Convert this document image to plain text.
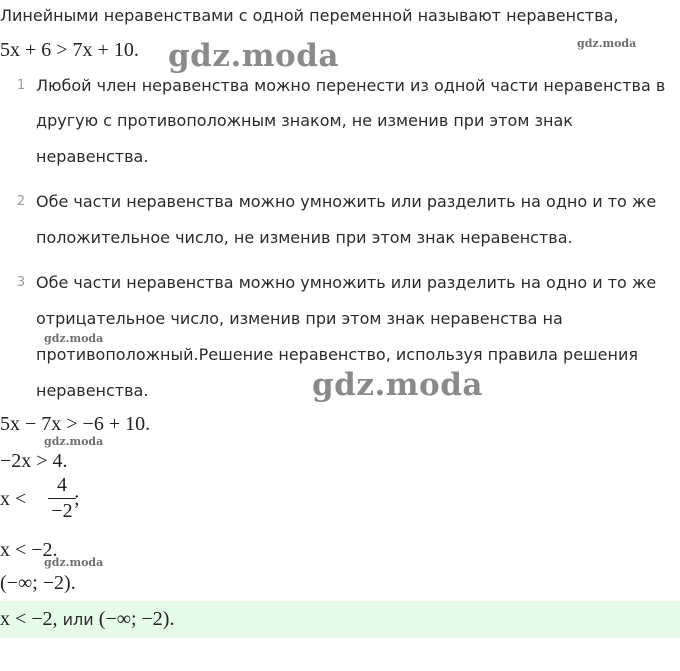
Линейными неравенствами с одной переменной называют неравенства,
5x + 6 > 7x + 10. gdz.moda	gdz.moda
gdz.moda
gdz.moda
gdz.moda
gdz.moda
1 Любой член неравенства можно перенести из одной части неравенства в
другую с противоположным знаком, не изменив при этом знак
неравенства.
2 Обе части неравенства можно умножить или разделить на одно и то же
положительное число, не изменив при этом знак неравенства.
3 Обе части неравенства можно умножить или разделить на одно и то же
отрицательное число, изменив при этом знак неравенства на
противоположный.Решение неравенство, используя правила решения
неравенства.
5x − 7x > −6 + 10.
−2x > 4.
x <
4
−2
;
x < −2.
(−∞; −2).
x < −2, или (−∞; −2).
